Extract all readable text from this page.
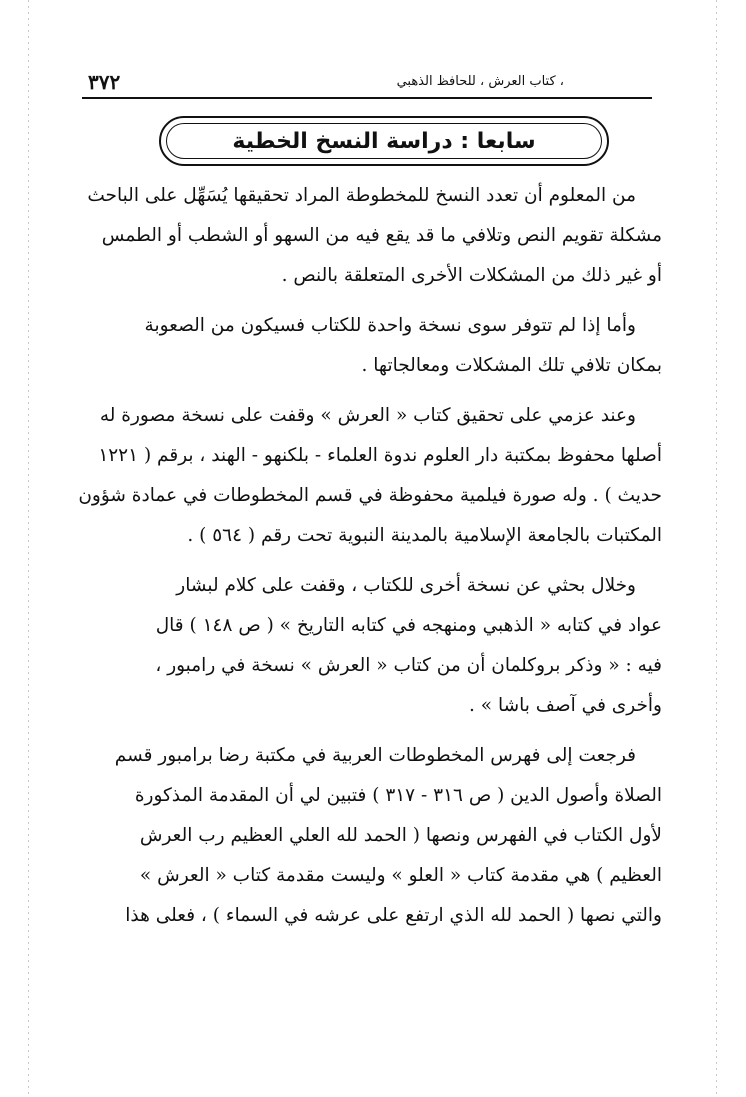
، كتاب العرش ، للحافظ الذهبي
٣٧٢
سابعا : دراسة النسخ الخطية

من المعلوم أن تعدد النسخ للمخطوطة المراد تحقيقها يُسَهِّل على الباحث
مشكلة تقويم النص وتلافي ما قد يقع فيه من السهو أو الشطب أو الطمس
أو غير ذلك من المشكلات الأخرى المتعلقة بالنص .

وأما إذا لم تتوفر سوى نسخة واحدة للكتاب فسيكون من الصعوبة
بمكان تلافي تلك المشكلات ومعالجاتها .

وعند عزمي على تحقيق كتاب « العرش » وقفت على نسخة مصورة له
أصلها محفوظ بمكتبة دار العلوم ندوة العلماء - بلكنهو - الهند ، برقم ( ١٢٢١
حديث ) . وله صورة فيلمية محفوظة في قسم المخطوطات في عمادة شؤون
المكتبات بالجامعة الإسلامية بالمدينة النبوية تحت رقم ( ٥٦٤ ) .

وخلال بحثي عن نسخة أخرى للكتاب ، وقفت على كلام لبشار
عواد في كتابه « الذهبي ومنهجه في كتابه التاريخ » ( ص ١٤٨ ) قال
فيه : « وذكر بروكلمان أن من كتاب « العرش » نسخة في رامبور ،
وأخرى في آصف باشا » .

فرجعت إلى فهرس المخطوطات العربية في مكتبة رضا برامبور قسم
الصلاة وأصول الدين ( ص ٣١٦ - ٣١٧ ) فتبين لي أن المقدمة المذكورة
لأول الكتاب في الفهرس ونصها ( الحمد لله العلي العظيم رب العرش
العظيم ) هي مقدمة كتاب « العلو » وليست مقدمة كتاب « العرش »
والتي نصها ( الحمد لله الذي ارتفع على عرشه في السماء ) ، فعلى هذا
